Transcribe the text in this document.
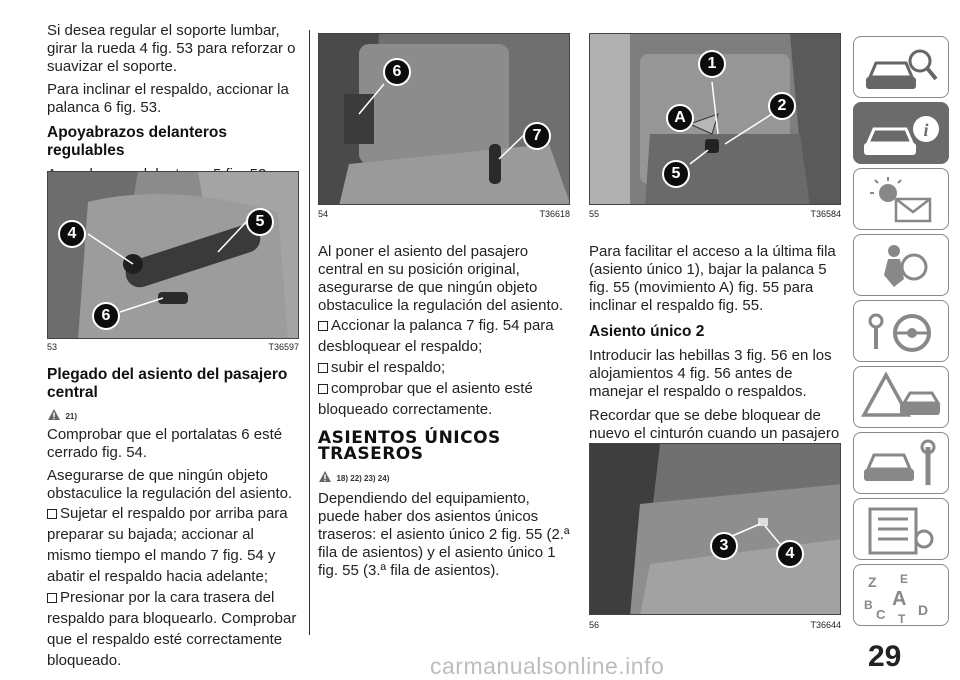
Si desea regular el soporte lumbar, girar la rueda 4 fig. 53 para reforzar o suavizar el soporte.

Para inclinar el respaldo, accionar la palanca 6 fig. 53.

Apoyabrazos delanteros regulables

4
5
6
53	T36597

Plegado del asiento del pasajero central

21)

Comprobar que el portalatas 6 esté cerrado fig. 54.

Asegurarse de que ningún objeto obstaculice la regulación del asiento.

Sujetar el respaldo por arriba para preparar su bajada; accionar al mismo tiempo el mando 7 fig. 54 y abatir el respaldo hacia adelante;

Presionar por la cara trasera del respaldo para bloquearlo. Comprobar que el respaldo esté correctamente bloqueado.

6
7
54	T36618

Al poner el asiento del pasajero central en su posición original, asegurarse de que ningún objeto obstaculice la regulación del asiento.

Accionar la palanca 7 fig. 54 para desbloquear el respaldo;

subir el respaldo;

comprobar que el asiento esté bloqueado correctamente.

ASIENTOS ÚNICOS

TRASEROS

18) 22) 23) 24)

Dependiendo del equipamiento, puede haber dos asientos únicos traseros: el asiento único 2 fig. 55 (2.ª fila de asientos) y el asiento único 1 fig. 55 (3.ª fila de asientos).

1
2
A
5
55	T36584

Para facilitar el acceso a la última fila (asiento único 1), bajar la palanca 5 fig. 55 (movimiento A) fig. 55 para inclinar el respaldo fig. 55.

Asiento único 2

Introducir las hebillas 3 fig. 56 en los alojamientos 4 fig. 56 antes de manejar el respaldo o respaldos.

Recordar que se debe bloquear de nuevo el cinturón cuando un pasajero

3	4
56	T36644
i
Z E
B A
C T
D
29
carmanualsonline.info
